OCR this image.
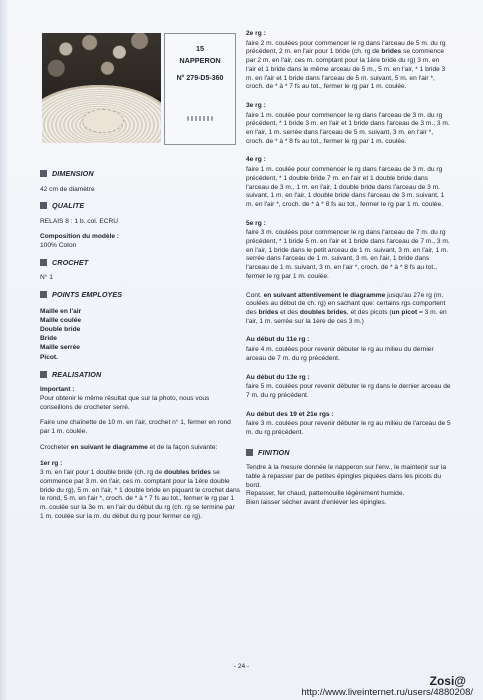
15
NAPPERON
N° 279-D5-360
DIMENSION

42 cm de diamètre

QUALITE

RELAIS 8 : 1 b. col. ECRU

Composition du modèle :

100% Coton

CROCHET

N° 1

POINTS EMPLOYES
Maille en l'air
Maille coulée
Double bride
Bride
Maille serrée
Picot.
REALISATION
Important :

Pour obtenir le même résultat que sur la photo, nous vous conseillons de crocheter serré.

Faire une chaînette de 10 m. en l'air, crochet n° 1, fermer en rond par 1 m. coulée.

Crocheter en suivant le diagramme et de la façon suivante:

1er rg :

3 m. en l'air pour 1 double bride (ch. rg de doubles brides se commence par 3 m. en l'air, ces m. comptant pour la 1ère double bride du rg), 5 m. en l'air, * 1 double bride en piquant le crochet dans le rond, 5 m. en l'air *, croch. de * à * 7 fs au tot., fermer le rg par 1 m. coulée sur la 3e m. en l'air du début du rg (ch. rg se termine par 1 m. coulée sur la m. du début du rg pour fermer ce rg).

2e rg :

faire 2 m. coulées pour commencer le rg dans l'arceau de 5 m. du rg précédent, 2 m. en l'air pour 1 bride (ch. rg de brides se commence par 2 m. en l'air, ces m. comptant pour la 1ère bride du rg) 3 m. en l'air et 1 bride dans le même arceau de 5 m., 5 m. en l'air, * 1 bride 3 m. en l'air et 1 bride dans l'arceau de 5 m. suivant, 5 m. en l'air *, croch. de * à * 7 fs au tot., fermer le rg par 1 m. coulée.

3e rg :

faire 1 m. coulée pour commencer le rg dans l'arceau de 3 m. du rg précédent, * 1 bride 3 m. en l'air et 1 bride dans l'arceau de 3 m., 3 m. en l'air, 1 m. serrée dans l'arceau de 5 m. suivant, 3 m. en l'air *, croch. de * à * 8 fs au tot., fermer le rg par 1 m. coulée.

4e rg :

faire 1 m. coulée pour commencer le rg dans l'arceau de 3 m. du rg précédent, * 1 double bride 7 m. en l'air et 1 double bride dans l'arceau de 3 m., 1 m. en l'air, 1 double bride dans l'arceau de 3 m. suivant, 1 m. en l'air, 1 double bride dans l'arceau de 3 m. suivant, 1 m. en l'air *, croch. de * à * 8 fs au tot., fermer le rg par 1 m. coulée.

5e rg :

faire 3 m. coulées pour commencer le rg dans l'arceau de 7 m. du rg précédent, * 1 bride 5 m. en l'air et 1 bride dans l'arceau de 7 m., 3 m. en l'air, 1 bride dans le petit arceau de 1 m. suivant, 3 m. en l'air, 1 m. serrée dans l'arceau de 1 m. suivant, 3 m. en l'air, 1 bride dans l'arceau de 1 m. suivant, 3 m. en l'air *, croch. de * à * 8 fs au tot., fermer le rg par 1 m. coulée.

Cont. en suivant attentivement le diagramme jusqu'au 27e rg (m. coulées au début de ch. rg) en sachant que: certains rgs comportent des brides et des doubles brides, et des picots (un picot = 3 m. en l'air, 1 m. serrée sur la 1ère de ces 3 m.)

Au début du 11e rg :

faire 4 m. coulées pour revenir débuter le rg au milieu du dernier arceau de 7 m. du rg précédent.

Au début du 13e rg :

faire 5 m. coulées pour revenir débuter le rg dans le dernier arceau de 7 m. du rg précédent.

Au début des 19 et 21e rgs :

faire 3 m. coulées pour revenir débuter le rg au milieu de l'arceau de 5 m. du rg précédent.

FINITION
Tendre à la mesure donnée le napperon sur l'env., le maintenir sur la table à repasser par de petites épingles piquées dans les picots du bord.
Repasser, fer chaud, pattemouille légèrement humide.
Bien laisser sécher avant d'enlever les épingles.
- 24 -
Zosi@
http://www.liveinternet.ru/users/4880208/
